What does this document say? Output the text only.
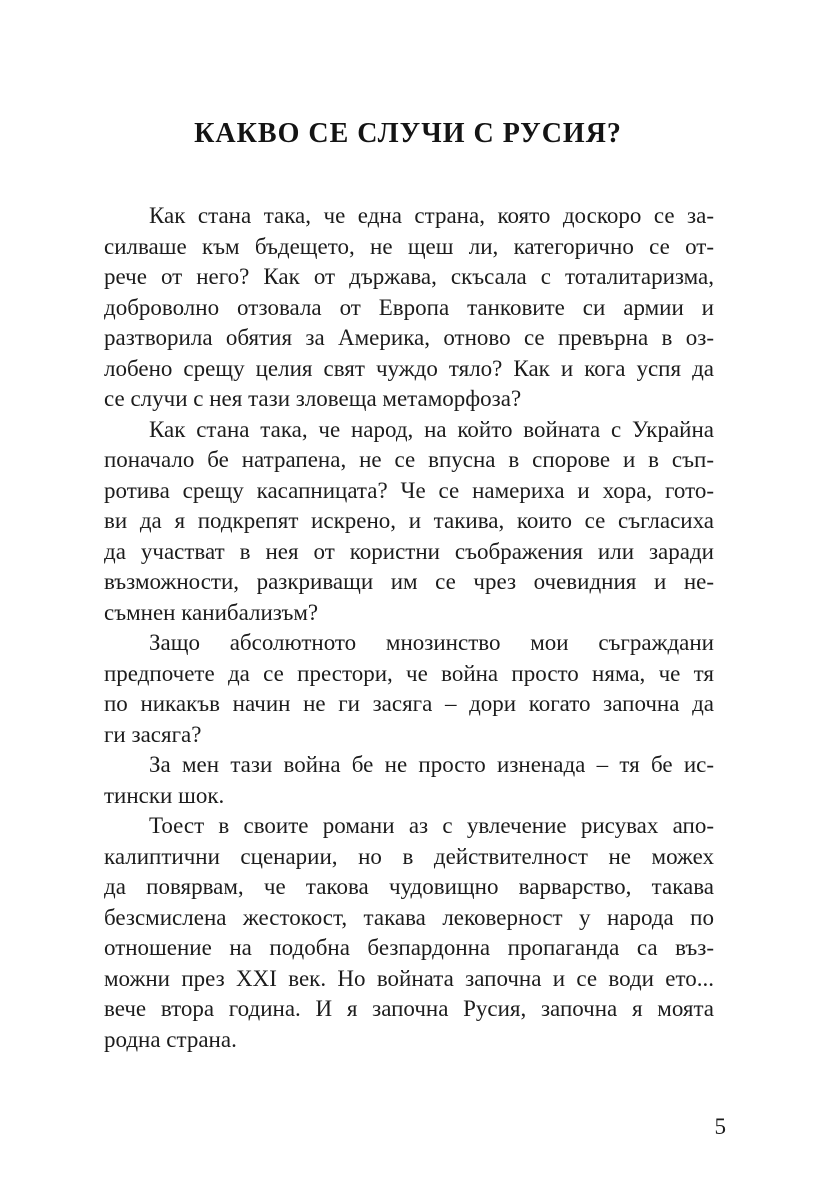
КАКВО СЕ СЛУЧИ С РУСИЯ?
Как стана така, че една страна, която доскоро се за-
силваше към бъдещето, не щеш ли, категорично се от-
рече от него? Как от държава, скъсала с тоталитаризма,
доброволно отзовала от Европа танковите си армии и
разтворила обятия за Америка, отново се превърна в оз-
лобено срещу целия свят чуждо тяло? Как и кога успя да
се случи с нея тази зловеща метаморфоза?
Как стана така, че народ, на който войната с Украйна
поначало бе натрапена, не се впусна в спорове и в съп-
ротива срещу касапницата? Че се намериха и хора, гото-
ви да я подкрепят искрено, и такива, които се съгласиха
да участват в нея от користни съображения или заради
възможности, разкриващи им се чрез очевидния и не-
съмнен канибализъм?
Защо абсолютното мнозинство мои съграждани
предпочете да се престори, че война просто няма, че тя
по никакъв начин не ги засяга – дори когато започна да
ги засяга?
За мен тази война бе не просто изненада – тя бе ис-
тински шок.
Тоест в своите романи аз с увлечение рисувах апо-
калиптични сценарии, но в действителност не можех
да повярвам, че такова чудовищно варварство, такава
безсмислена жестокост, такава лековерност у народа по
отношение на подобна безпардонна пропаганда са въз-
можни през XXI век. Но войната започна и се води ето...
вече втора година. И я започна Русия, започна я моята
родна страна.
5
